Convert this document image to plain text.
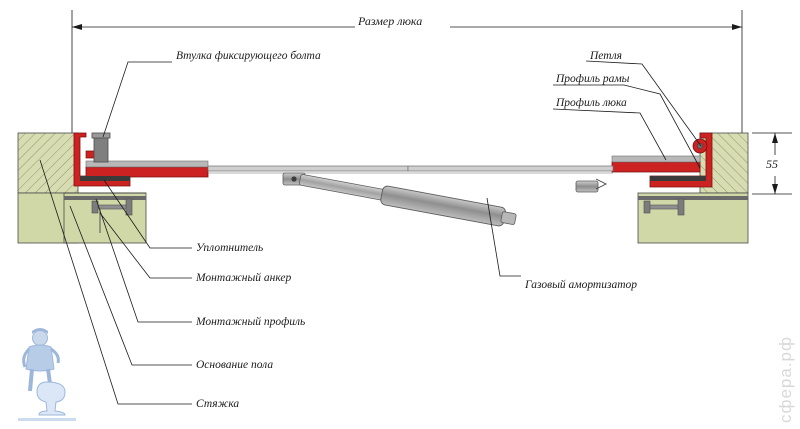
Размер люка
55
Втулка фиксирующего болта	Петля
Профиль рамы
Профиль люка
Уплотнитель
Монтажный анкер
Монтажный профиль
Основание пола
Стяжка
Газовый амортизатор
сфера.рф
